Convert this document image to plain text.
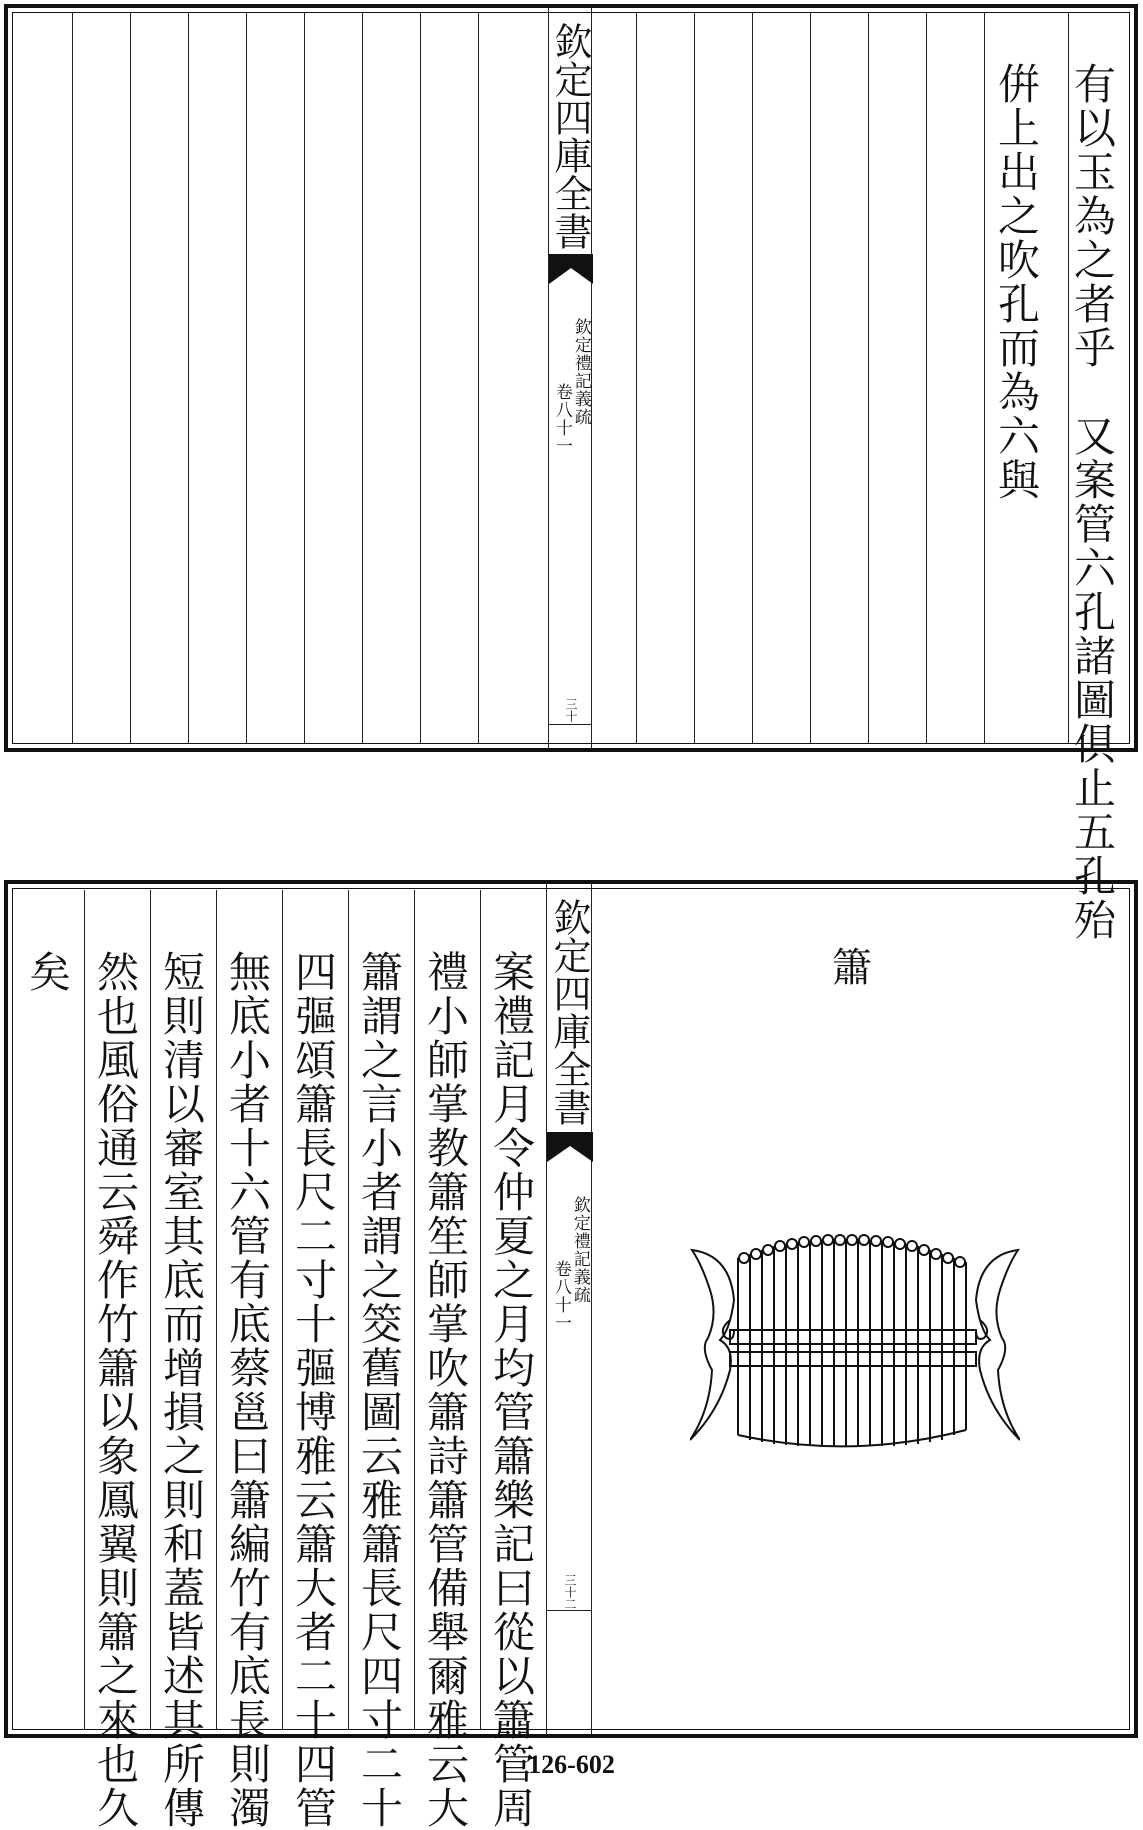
欽定四庫全書
欽定禮記義疏
卷八十一
三十	有以玉為之者乎　又案管六孔諸圖俱止五孔殆
倂上出之吹孔而為六與
欽定四庫全書
欽定禮記義疏
卷八十一
三十二
案禮記月令仲夏之月均管簫樂記曰從以簫管周
禮小師掌教簫笙師掌吹簫詩簫管備舉爾雅云大
簫謂之言小者謂之筊舊圖云雅簫長尺四寸二十
四彄頌簫長尺二寸十彄博雅云簫大者二十四管
無底小者十六管有底蔡邕曰簫編竹有底長則濁
短則清以審室其底而增損之則和蓋皆述其所傳
然也風俗通云舜作竹簫以象鳳翼則簫之來也久
矣	簫
126-602
